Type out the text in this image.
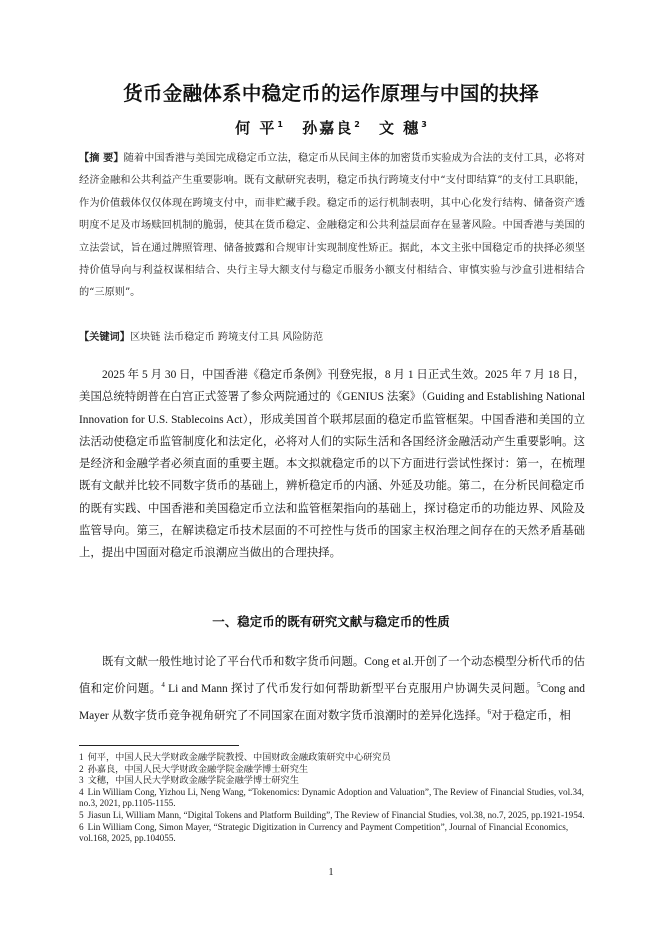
货币金融体系中稳定币的运作原理与中国的抉择
何 平$^1$ 孙嘉良$^2$ 文 穗$^3$
【摘 要】随着中国香港与美国完成稳定币立法，稳定币从民间主体的加密货币实验成为合法的支付工具，必将对经济金融和公共利益产生重要影响。既有文献研究表明，稳定币执行跨境支付中“支付即结算”的支付工具职能，作为价值载体仅仅体现在跨境支付中，而非贮藏手段。稳定币的运行机制表明，其中心化发行结构、储备资产透明度不足及市场赎回机制的脆弱，使其在货币稳定、金融稳定和公共利益层面存在显著风险。中国香港与美国的立法尝试，旨在通过牌照管理、储备披露和合规审计实现制度性矫正。据此，本文主张中国稳定币的抉择必须坚持价值导向与利益权谋相结合、央行主导大额支付与稳定币服务小额支付相结合、审慎实验与沙盒引进相结合的“三原则”。
【关键词】区块链 法币稳定币 跨境支付工具 风险防范

2025 年 5 月 30 日，中国香港《稳定币条例》刊登宪报，8 月 1 日正式生效。2025 年 7 月 18 日，美国总统特朗普在白宫正式签署了参众两院通过的《GENIUS 法案》（Guiding and Establishing National Innovation for U.S. Stablecoins Act），形成美国首个联邦层面的稳定币监管框架。中国香港和美国的立法活动使稳定币监管制度化和法定化，必将对人们的实际生活和各国经济金融活动产生重要影响。这是经济和金融学者必须直面的重要主题。本文拟就稳定币的以下方面进行尝试性探讨：第一，在梳理既有文献并比较不同数字货币的基础上，辨析稳定币的内涵、外延及功能。第二，在分析民间稳定币的既有实践、中国香港和美国稳定币立法和监管框架指向的基础上，探讨稳定币的功能边界、风险及监管导向。第三，在解读稳定币技术层面的不可控性与货币的国家主权治理之间存在的天然矛盾基础上，提出中国面对稳定币浪潮应当做出的合理抉择。

一、稳定币的既有研究文献与稳定币的性质

既有文献一般性地讨论了平台代币和数字货币问题。Cong et al.开创了一个动态模型分析代币的估值和定价问题。$^4$ Li and Mann 探讨了代币发行如何帮助新型平台克服用户协调失灵问题。$^5$Cong and Mayer 从数字货币竞争视角研究了不同国家在面对数字货币浪潮时的差异化选择。$^6$对于稳定币，相

1 何平，中国人民大学财政金融学院教授、中国财政金融政策研究中心研究员

2 孙嘉良，中国人民大学财政金融学院金融学博士研究生

3 文穗，中国人民大学财政金融学院金融学博士研究生

4 Lin William Cong, Yizhou Li, Neng Wang, “Tokenomics: Dynamic Adoption and Valuation”, The Review of Financial Studies, vol.34, no.3, 2021, pp.1105-1155.

5 Jiasun Li, William Mann, “Digital Tokens and Platform Building”, The Review of Financial Studies, vol.38, no.7, 2025, pp.1921-1954.

6 Lin William Cong, Simon Mayer, “Strategic Digitization in Currency and Payment Competition”, Journal of Financial Economics, vol.168, 2025, pp.104055.

1
